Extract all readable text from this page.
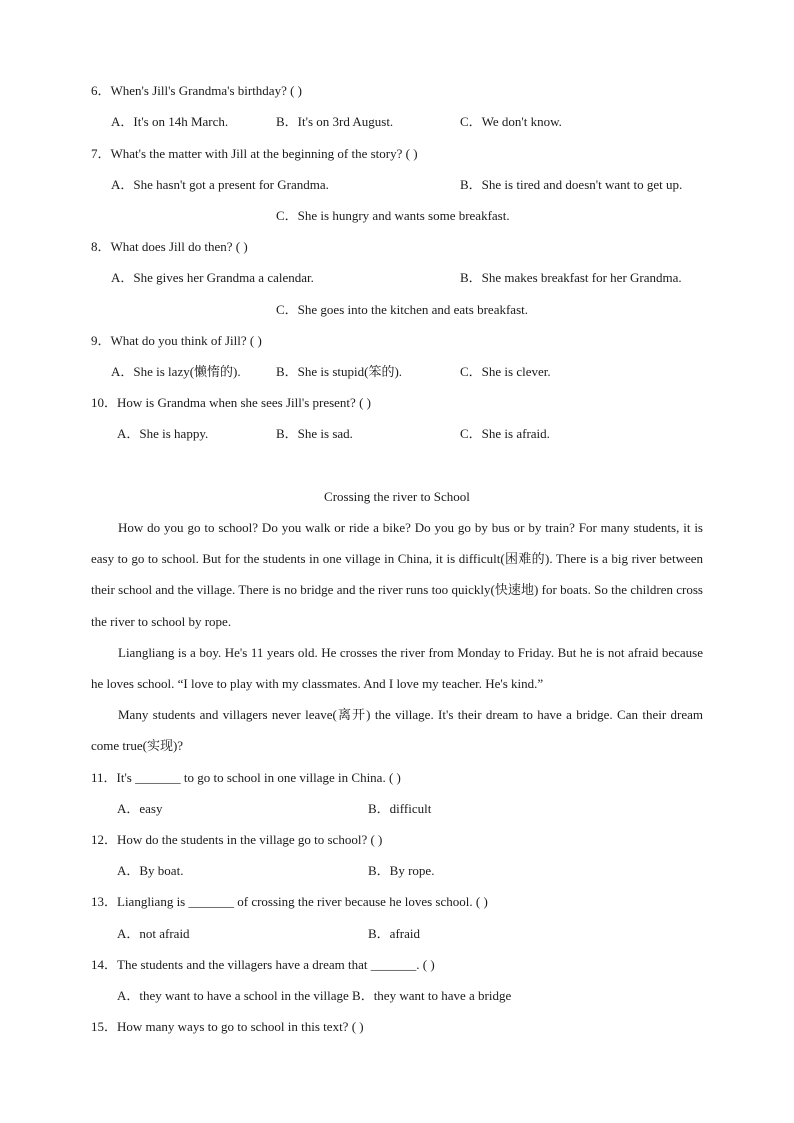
6．When's Jill's Grandma's birthday? ( )
A．It's on 14h March.	B．It's on 3rd August.	C．We don't know.
7．What's the matter with Jill at the beginning of the story? ( )
A．She hasn't got a present for Grandma.	B．She is tired and doesn't want to get up.
C．She is hungry and wants some breakfast.
8．What does Jill do then? ( )
A．She gives her Grandma a calendar.	B．She makes breakfast for her Grandma.
C．She goes into the kitchen and eats breakfast.
9．What do you think of Jill? ( )
A．She is lazy(懒惰的).	B．She is stupid(笨的).	C．She is clever.
10．How is Grandma when she sees Jill's present? ( )
A．She is happy.	B．She is sad.	C．She is afraid.
Crossing the river to School
How do you go to school? Do you walk or ride a bike? Do you go by bus or by train? For many students, it is easy to go to school. But for the students in one village in China, it is difficult(困难的). There is a big river between their school and the village. There is no bridge and the river runs too quickly(快速地) for boats. So the children cross the river to school by rope.
Liangliang is a boy. He's 11 years old. He crosses the river from Monday to Friday. But he is not afraid because he loves school. “I love to play with my classmates. And I love my teacher. He's kind.”
Many students and villagers never leave(离开) the village. It's their dream to have a bridge. Can their dream come true(实现)?
11．It's _______ to go to school in one village in China. ( )
A．easy	B．difficult
12．How do the students in the village go to school? ( )
A．By boat.	B．By rope.
13．Liangliang is _______ of crossing the river because he loves school. ( )
A．not afraid	B．afraid
14．The students and the villagers have a dream that _______. ( )
A．they want to have a school in the village B．they want to have a bridge
15．How many ways to go to school in this text? ( )
